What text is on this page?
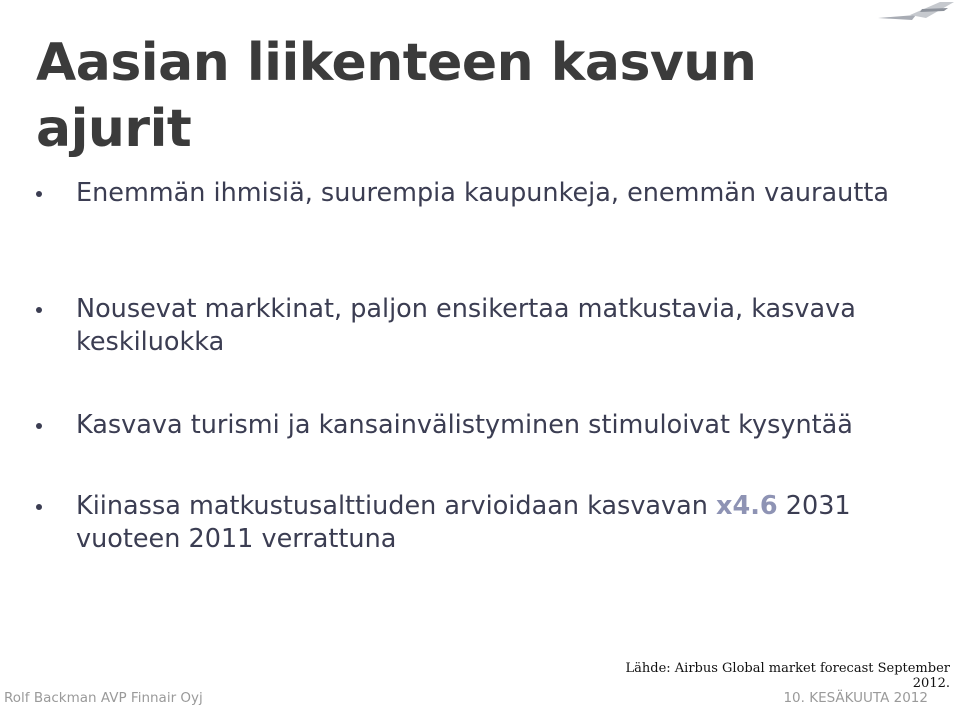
Aasian liikenteen kasvun ajurit
Enemmän ihmisiä, suurempia kaupunkeja, enemmän vaurautta
Nousevat markkinat, paljon ensikertaa matkustavia, kasvava keskiluokka
Kasvava turismi ja kansainvälistyminen stimuloivat kysyntää
Kiinassa matkustusalttiuden arvioidaan kasvavan x4.6 2031 vuoteen 2011 verrattuna
Lähde: Airbus Global market forecast September 2012.
Rolf Backman AVP Finnair Oyj	10. KESÄKUUTA 2012
